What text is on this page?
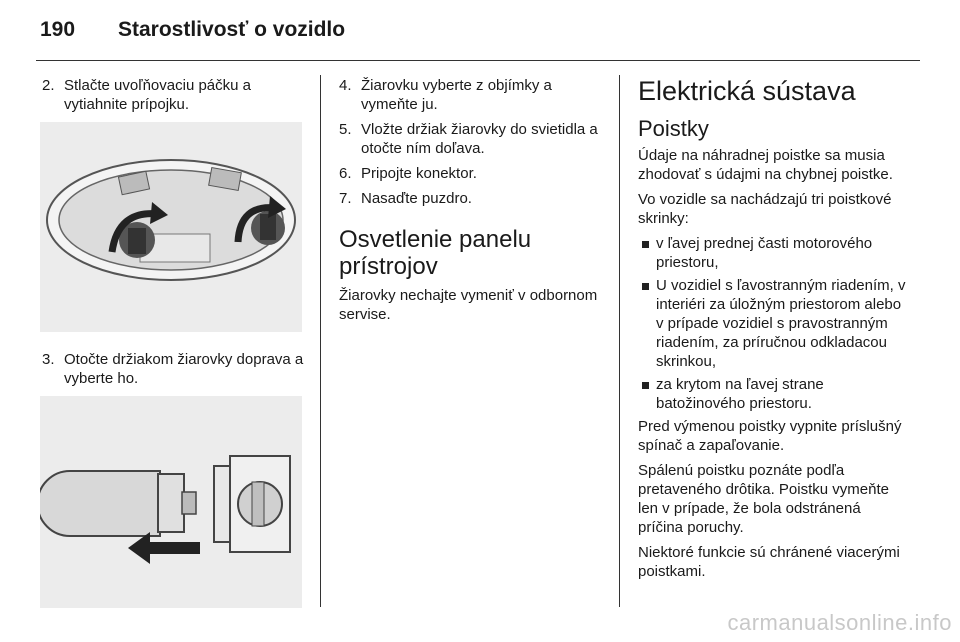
190 Starostlivosť o vozidlo
2. Stlačte uvoľňovaciu páčku a vytiahnite prípojku.
3. Otočte držiakom žiarovky doprava a vyberte ho.
4. Žiarovku vyberte z objímky a vymeňte ju.
5. Vložte držiak žiarovky do svietidla a otočte ním doľava.
6. Pripojte konektor.
7. Nasaďte puzdro.
Osvetlenie panelu prístrojov
Žiarovky nechajte vymeniť v odbornom servise.
Elektrická sústava
Poistky
Údaje na náhradnej poistke sa musia zhodovať s údajmi na chybnej poistke.
Vo vozidle sa nachádzajú tri poistkové skrinky:
v ľavej prednej časti motorového priestoru,
U vozidiel s ľavostranným riadením, v interiéri za úložným priestorom alebo v prípade vozidiel s pravostranným riadením, za príručnou odkladacou skrinkou,
za krytom na ľavej strane batožinového priestoru.
Pred výmenou poistky vypnite príslušný spínač a zapaľovanie.
Spálenú poistku poznáte podľa pretaveného drôtika. Poistku vymeňte len v prípade, že bola odstránená príčina poruchy.
Niektoré funkcie sú chránené viacerými poistkami.
carmanualsonline.info
